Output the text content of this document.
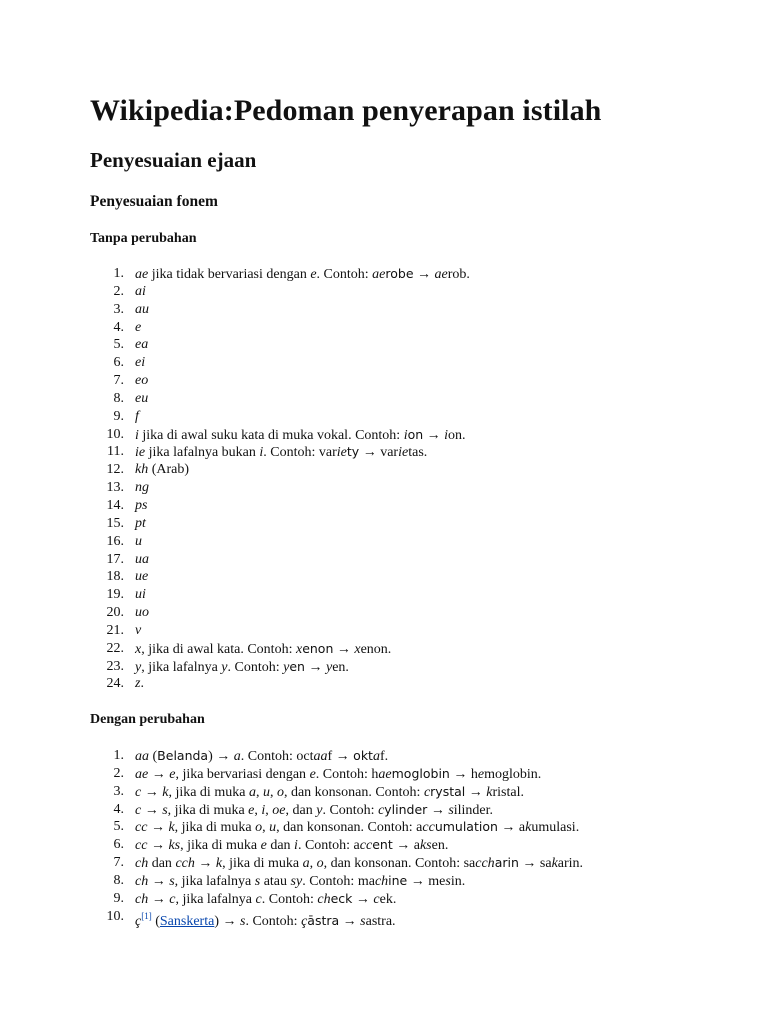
Wikipedia:Pedoman penyerapan istilah
Penyesuaian ejaan
Penyesuaian fonem
Tanpa perubahan
1. ae jika tidak bervariasi dengan e. Contoh: aerobe → aerob.
2. ai
3. au
4. e
5. ea
6. ei
7. eo
8. eu
9. f
10. i jika di awal suku kata di muka vokal. Contoh: ion → ion.
11. ie jika lafalnya bukan i. Contoh: variety → varietas.
12. kh (Arab)
13. ng
14. ps
15. pt
16. u
17. ua
18. ue
19. ui
20. uo
21. v
22. x, jika di awal kata. Contoh: xenon → xenon.
23. y, jika lafalnya y. Contoh: yen → yen.
24. z.
Dengan perubahan
1. aa (Belanda) → a. Contoh: octaaf → oktaf.
2. ae → e, jika bervariasi dengan e. Contoh: haemoglobin → hemoglobin.
3. c → k, jika di muka a, u, o, dan konsonan. Contoh: crystal → kristal.
4. c → s, jika di muka e, i, oe, dan y. Contoh: cylinder → silinder.
5. cc → k, jika di muka o, u, dan konsonan. Contoh: accumulation → akumulasi.
6. cc → ks, jika di muka e dan i. Contoh: accent → aksen.
7. ch dan cch → k, jika di muka a, o, dan konsonan. Contoh: saccharin → sakarin.
8. ch → s, jika lafalnya s atau sy. Contoh: machine → mesin.
9. ch → c, jika lafalnya c. Contoh: check → cek.
10. ç[1] (Sanskerta) → s. Contoh: çāstra → sastra.
